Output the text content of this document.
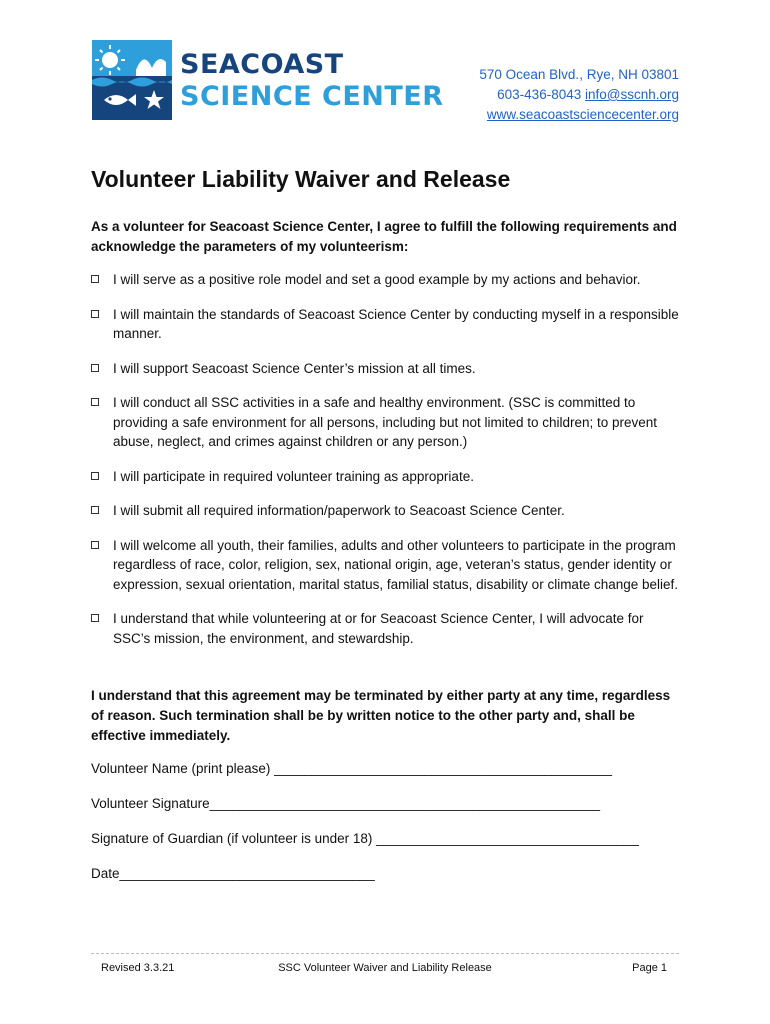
SEACOAST
SCIENCE CENTER
570 Ocean Blvd., Rye, NH 03801
603-436-8043 info@sscnh.org
www.seacoastsciencecenter.org
Volunteer Liability Waiver and Release

As a volunteer for Seacoast Science Center, I agree to fulfill the following requirements and acknowledge the parameters of my volunteerism:

I will serve as a positive role model and set a good example by my actions and behavior.
I will maintain the standards of Seacoast Science Center by conducting myself in a responsible manner.
I will support Seacoast Science Center’s mission at all times.
I will conduct all SSC activities in a safe and healthy environment. (SSC is committed to providing a safe environment for all persons, including but not limited to children; to prevent abuse, neglect, and crimes against children or any person.)
I will participate in required volunteer training as appropriate.
I will submit all required information/paperwork to Seacoast Science Center.
I will welcome all youth, their families, adults and other volunteers to participate in the program regardless of race, color, religion, sex, national origin, age, veteran’s status, gender identity or expression, sexual orientation, marital status, familial status, disability or climate change belief.
I understand that while volunteering at or for Seacoast Science Center, I will advocate for SSC’s mission, the environment, and stewardship.

I understand that this agreement may be terminated by either party at any time, regardless of reason. Such termination shall be by written notice to the other party and, shall be effective immediately.

Volunteer Name (print please) _____________________________________________

Volunteer Signature____________________________________________________

Signature of Guardian (if volunteer is under 18) ___________________________________

Date__________________________________

Revised 3.3.21	SSC Volunteer Waiver and Liability Release	Page 1
